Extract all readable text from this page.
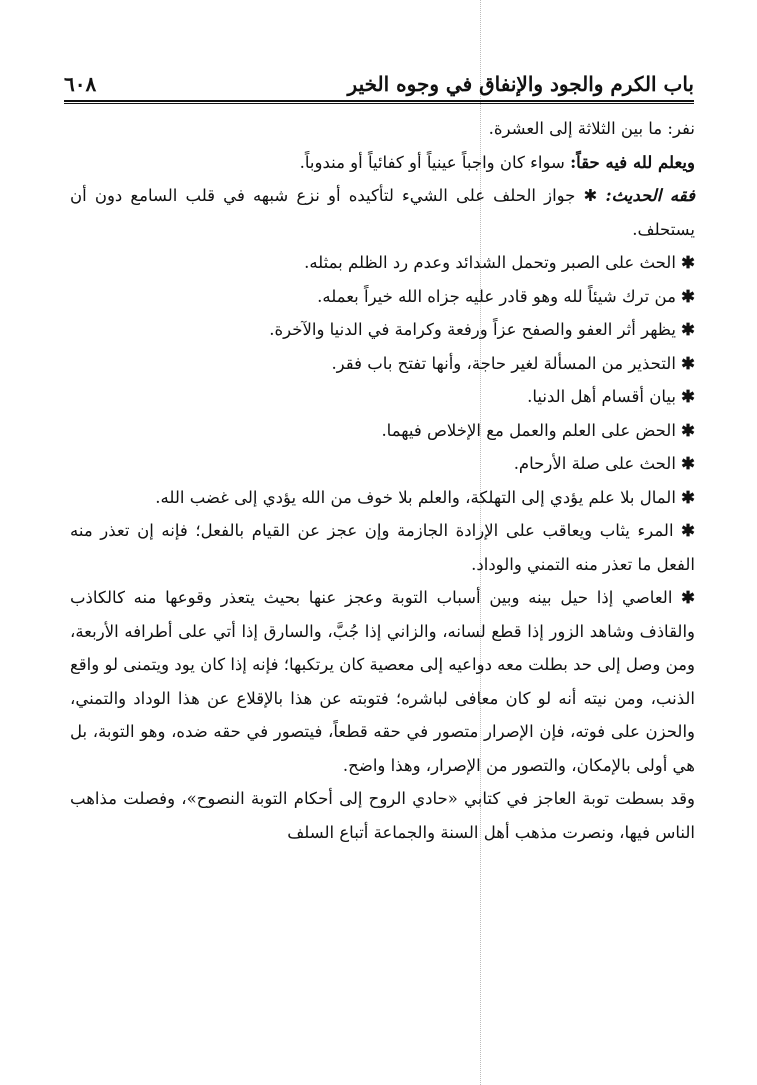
باب الكرم والجود والإنفاق في وجوه الخير
٦٠٨

نفر: ما بين الثلاثة إلى العشرة.

ويعلم لله فيه حقاً: سواء كان واجباً عينياً أو كفائياً أو مندوباً.

فقه الحديث: ✱ جواز الحلف على الشيء لتأكيده أو نزع شبهه في قلب السامع دون أن يستحلف.

✱ الحث على الصبر وتحمل الشدائد وعدم رد الظلم بمثله.

✱ من ترك شيئاً لله وهو قادر عليه جزاه الله خيراً بعمله.

✱ يظهر أثر العفو والصفح عزاً ورفعة وكرامة في الدنيا والآخرة.

✱ التحذير من المسألة لغير حاجة، وأنها تفتح باب فقر.

✱ بيان أقسام أهل الدنيا.

✱ الحض على العلم والعمل مع الإخلاص فيهما.

✱ الحث على صلة الأرحام.

✱ المال بلا علم يؤدي إلى التهلكة، والعلم بلا خوف من الله يؤدي إلى غضب الله.

✱ المرء يثاب ويعاقب على الإرادة الجازمة وإن عجز عن القيام بالفعل؛ فإنه إن تعذر منه الفعل ما تعذر منه التمني والوداد.

✱ العاصي إذا حيل بينه وبين أسباب التوبة وعجز عنها بحيث يتعذر وقوعها منه كالكاذب والقاذف وشاهد الزور إذا قطع لسانه، والزاني إذا جُبَّ، والسارق إذا أتي على أطرافه الأربعة، ومن وصل إلى حد بطلت معه دواعيه إلى معصية كان يرتكبها؛ فإنه إذا كان يود ويتمنى لو واقع الذنب، ومن نيته أنه لو كان معافى لباشره؛ فتوبته عن هذا بالإقلاع عن هذا الوداد والتمني، والحزن على فوته، فإن الإصرار متصور في حقه قطعاً، فيتصور في حقه ضده، وهو التوبة، بل هي أولى بالإمكان، والتصور من الإصرار، وهذا واضح.

وقد بسطت توبة العاجز في كتابي «حادي الروح إلى أحكام التوبة النصوح»، وفصلت مذاهب الناس فيها، ونصرت مذهب أهل السنة والجماعة أتباع السلف
